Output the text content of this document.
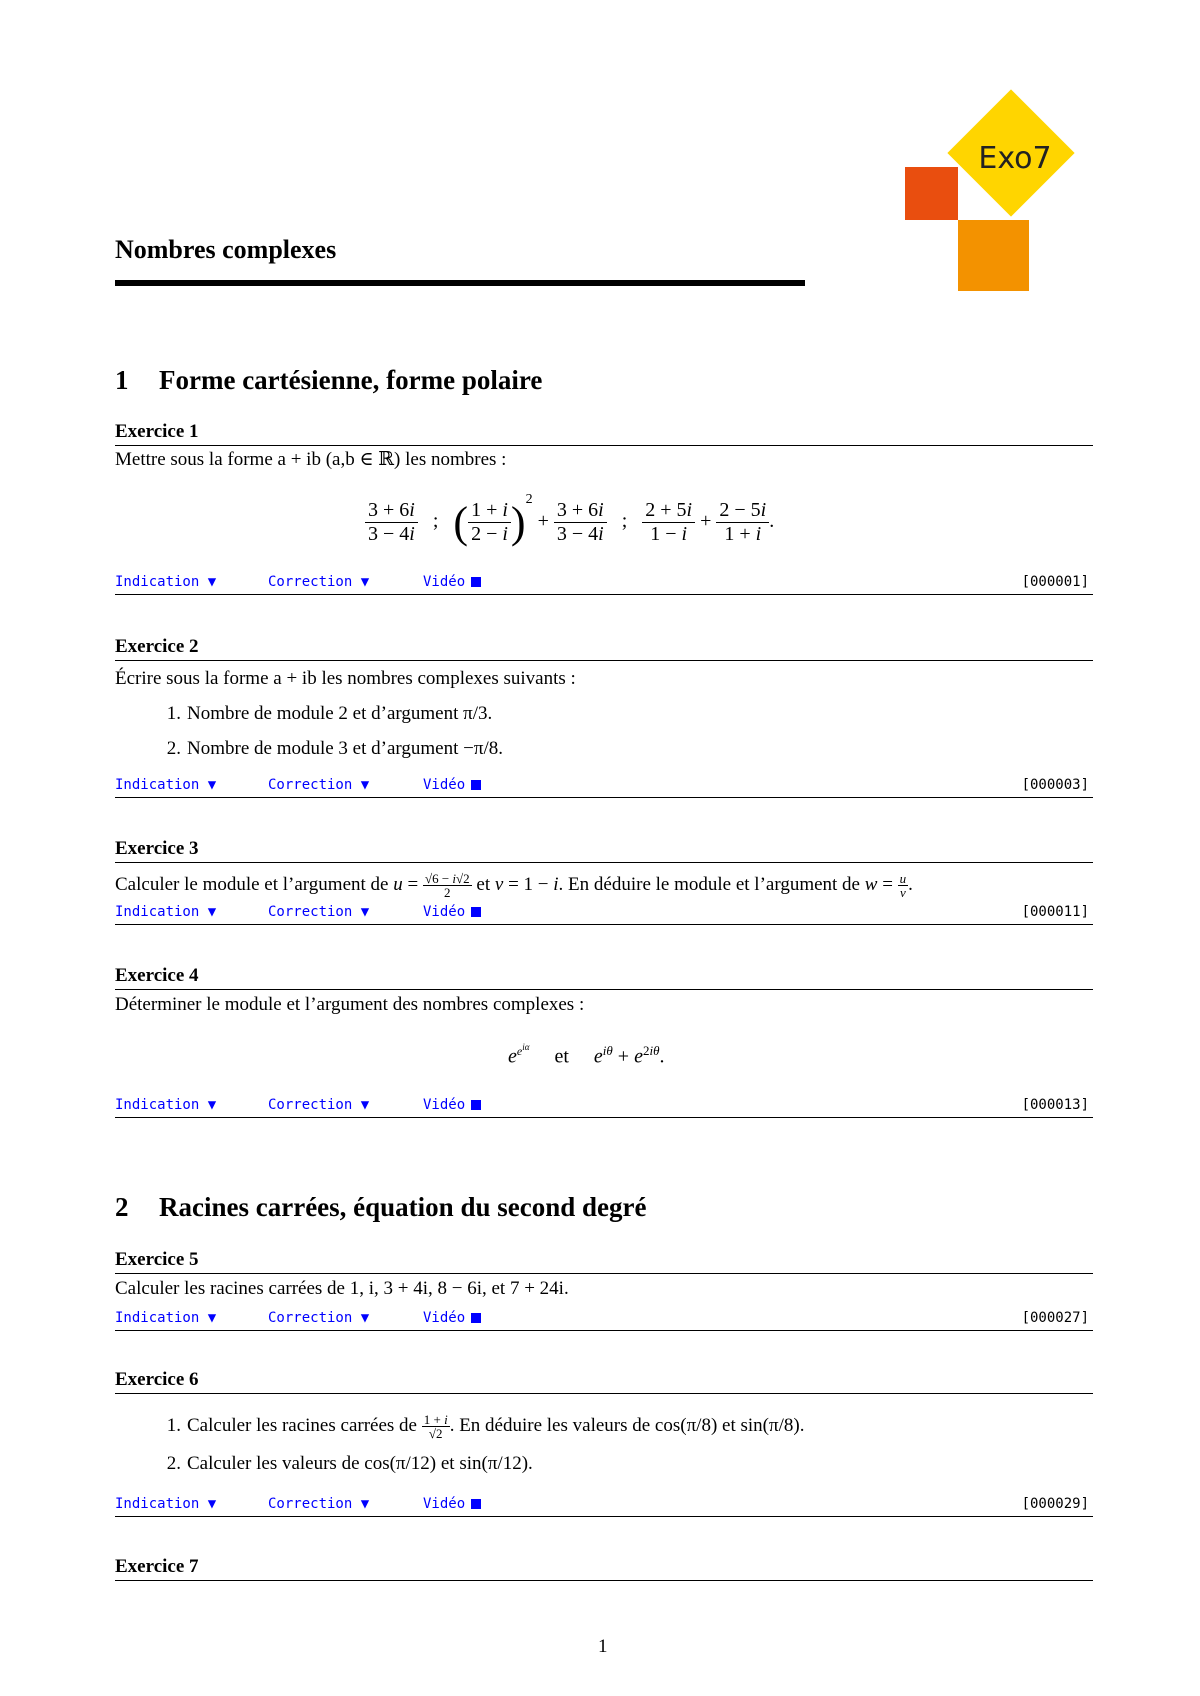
Exo7
Nombres complexes
1 Forme cartésienne, forme polaire
Exercice 1
Mettre sous la forme a + ib (a,b ∈ ℝ) les nombres :
$\frac{3 + 6i}{3 - 4i}$ ;   ( $\frac{1 + i}{2 - i} )^2 + \frac{3 + 6i}{3 - 4i}$ ; $\frac{2 + 5i}{1 - i} + \frac{2 - 5i}{1 + i}$ .
Indication ▼	Correction ▼	Vidéo	[000001]
Exercice 2
Écrire sous la forme a + ib les nombres complexes suivants :
1. Nombre de module 2 et d’argument π/3.
2. Nombre de module 3 et d’argument −π/8.
Indication ▼	Correction ▼	Vidéo	[000003]
Exercice 3
Calculer le module et l’argument de $u = \frac{√6 - i√2}{2}$ et v = 1 − i. En déduire le module et l’argument de $w = \frac{u}{v}$ .
Indication ▼	Correction ▼	Vidéo	[000011]
Exercice 4
Déterminer le module et l’argument des nombres complexes :
$e^{e^{i\alpha}}$     et     $e^{i\theta} + e^{2i\theta}$.
Indication ▼	Correction ▼	Vidéo	[000013]
2 Racines carrées, équation du second degré
Exercice 5
Calculer les racines carrées de 1, i, 3 + 4i, 8 − 6i, et 7 + 24i.
Indication ▼	Correction ▼	Vidéo	[000027]
Exercice 6
1. Calculer les racines carrées de $\frac{1 + i}{√2}$ . En déduire les valeurs de cos(π/8) et sin(π/8).
2. Calculer les valeurs de cos(π/12) et sin(π/12).
Indication ▼	Correction ▼	Vidéo	[000029]
Exercice 7
1
